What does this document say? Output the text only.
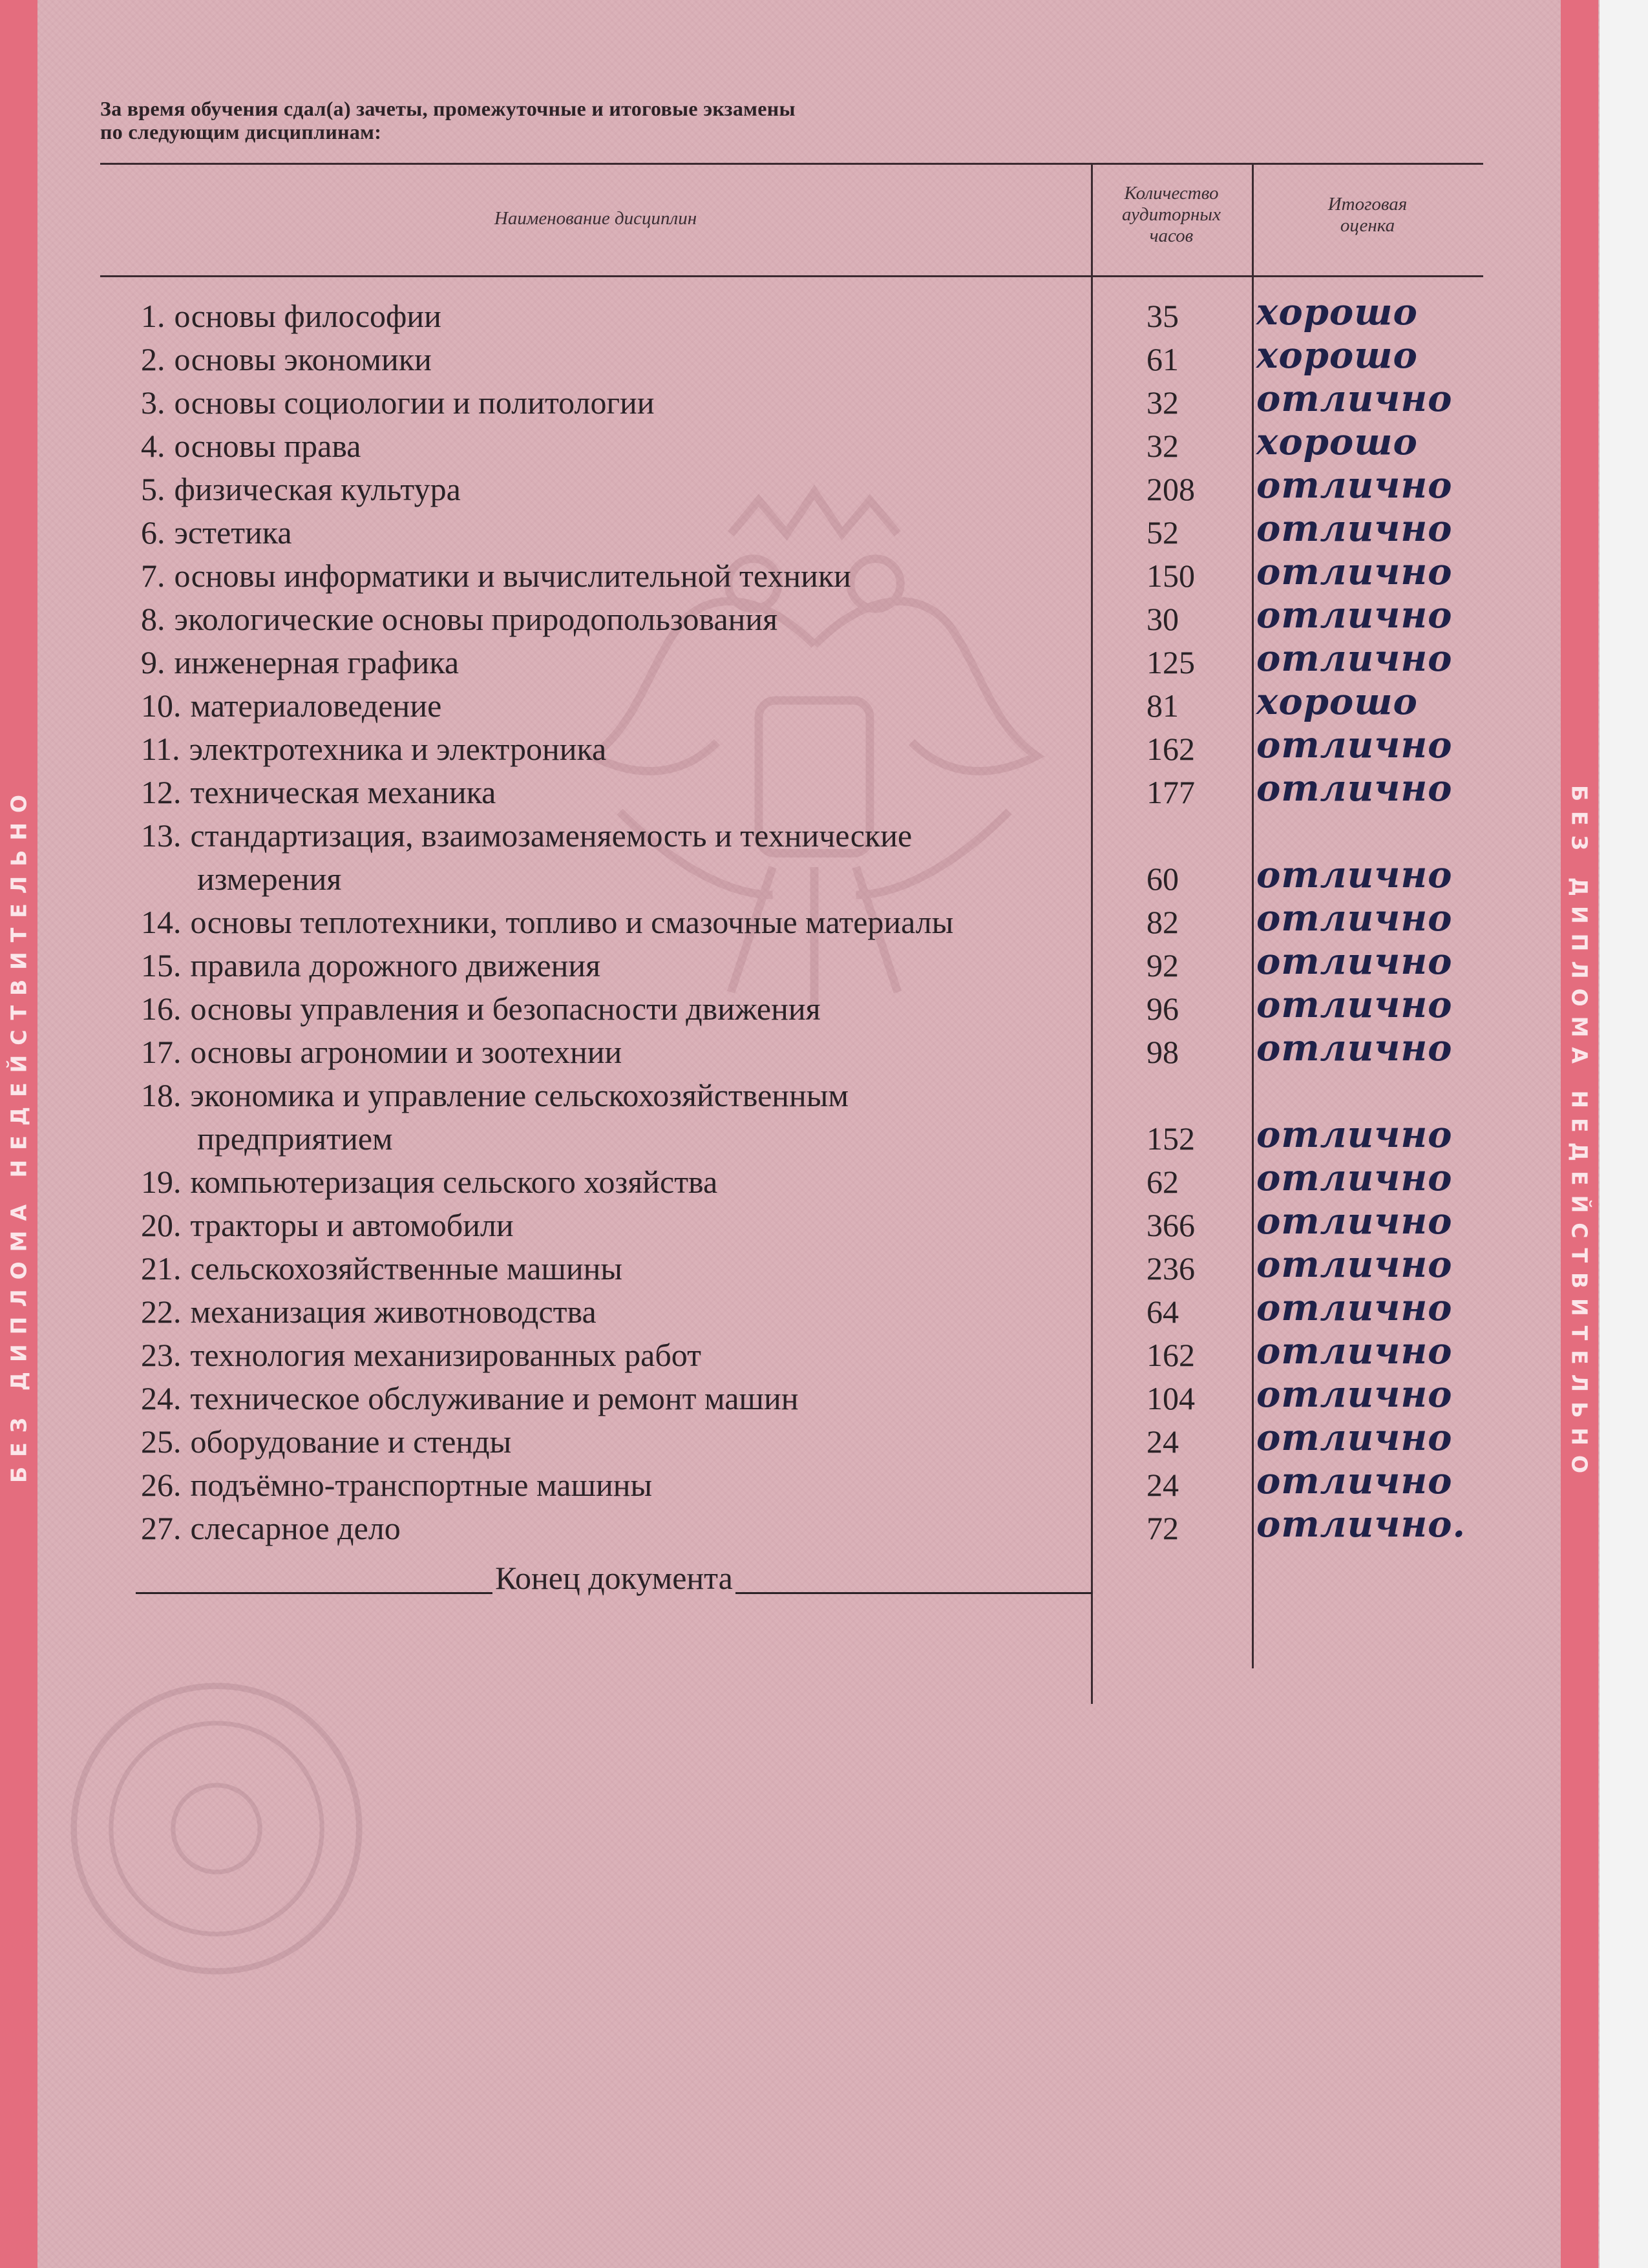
БЕЗ ДИПЛОМА НЕДЕЙСТВИТЕЛЬНО	БЕЗ ДИПЛОМА НЕДЕЙСТВИТЕЛЬНО
За время обучения сдал(а) зачеты, промежуточные и итоговые экзамены
по следующим дисциплинам:
Наименование дисциплин
Количество
аудиторных
часов
Итоговая
оценка
1. основы философии	35 хорошо
2. основы экономики	61 хорошо
3. основы социологии и политологии	32 отлично
4. основы права	32 хорошо
5. физическая культура	208 отлично
6. эстетика	52 отлично
7. основы информатики и вычислительной техники	150 отлично
8. экологические основы природопользования	30 отлично
9. инженерная графика	125 отлично
10. материаловедение	81 хорошо
11. электротехника и электроника	162 отлично
12. техническая механика	177 отлично
13. стандартизация, взаимозаменяемость и технические
измерения	60 отлично
14. основы теплотехники, топливо и смазочные материалы	82 отлично
15. правила дорожного движения	92 отлично
16. основы управления и безопасности движения	96 отлично
17. основы агрономии и зоотехнии	98 отлично
18. экономика и управление сельскохозяйственным
предприятием	152 отлично
19. компьютеризация сельского хозяйства	62 отлично
20. тракторы и автомобили	366 отлично
21. сельскохозяйственные машины	236 отлично
22. механизация животноводства	64 отлично
23. технология механизированных работ	162 отлично
24. техническое обслуживание и ремонт машин	104 отлично
25. оборудование и стенды	24 отлично
26. подъёмно-транспортные машины	24 отлично
27. слесарное дело	72 отлично.
Конец документа
